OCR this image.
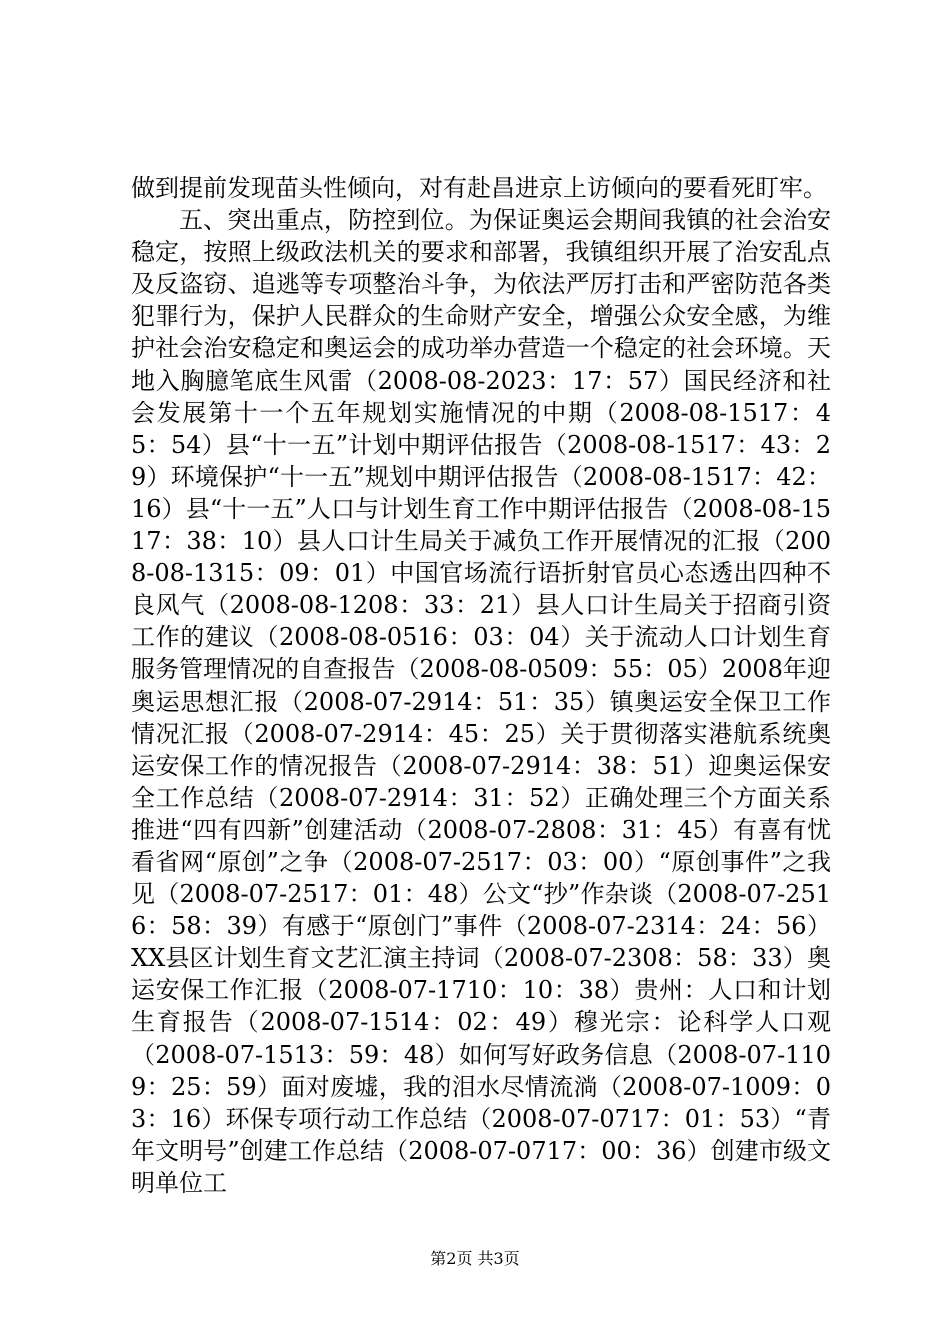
做到提前发现苗头性倾向，对有赴昌进京上访倾向的要看死盯牢。

五、突出重点，防控到位。为保证奥运会期间我镇的社会治安稳定，按照上级政法机关的要求和部署，我镇组织开展了治安乱点及反盗窃、追逃等专项整治斗争，为依法严厉打击和严密防范各类犯罪行为，保护人民群众的生命财产安全，增强公众安全感，为维护社会治安稳定和奥运会的成功举办营造一个稳定的社会环境。天地入胸臆笔底生风雷（2008-08-2023：17：57）国民经济和社会发展第十一个五年规划实施情况的中期（2008-08-1517：45：54）县“十一五”计划中期评估报告（2008-08-1517：43：29）环境保护“十一五”规划中期评估报告（2008-08-1517：42：16）县“十一五”人口与计划生育工作中期评估报告（2008-08-1517：38：10）县人口计生局关于减负工作开展情况的汇报（2008-08-1315：09：01）中国官场流行语折射官员心态透出四种不良风气（2008-08-1208：33：21）县人口计生局关于招商引资工作的建议（2008-08-0516：03：04）关于流动人口计划生育服务管理情况的自查报告（2008-08-0509：55：05）2008年迎奥运思想汇报（2008-07-2914：51：35）镇奥运安全保卫工作情况汇报（2008-07-2914：45：25）关于贯彻落实港航系统奥运安保工作的情况报告（2008-07-2914：38：51）迎奥运保安全工作总结（2008-07-2914：31：52）正确处理三个方面关系推进“四有四新”创建活动（2008-07-2808：31：45）有喜有忧看省网“原创”之争（2008-07-2517：03：00）“原创事件”之我见（2008-07-2517：01：48）公文“抄”作杂谈（2008-07-2516：58：39）有感于“原创门”事件（2008-07-2314：24：56）XX县区计划生育文艺汇演主持词（2008-07-2308：58：33）奥运安保工作汇报（2008-07-1710：10：38）贵州：人口和计划生育报告（2008-07-1514：02：49）穆光宗：论科学人口观（2008-07-1513：59：48）如何写好政务信息（2008-07-1109：25：59）面对废墟，我的泪水尽情流淌（2008-07-1009：03：16）环保专项行动工作总结（2008-07-0717：01：53）“青年文明号”创建工作总结（2008-07-0717：00：36）创建市级文明单位工

第2页 共3页
